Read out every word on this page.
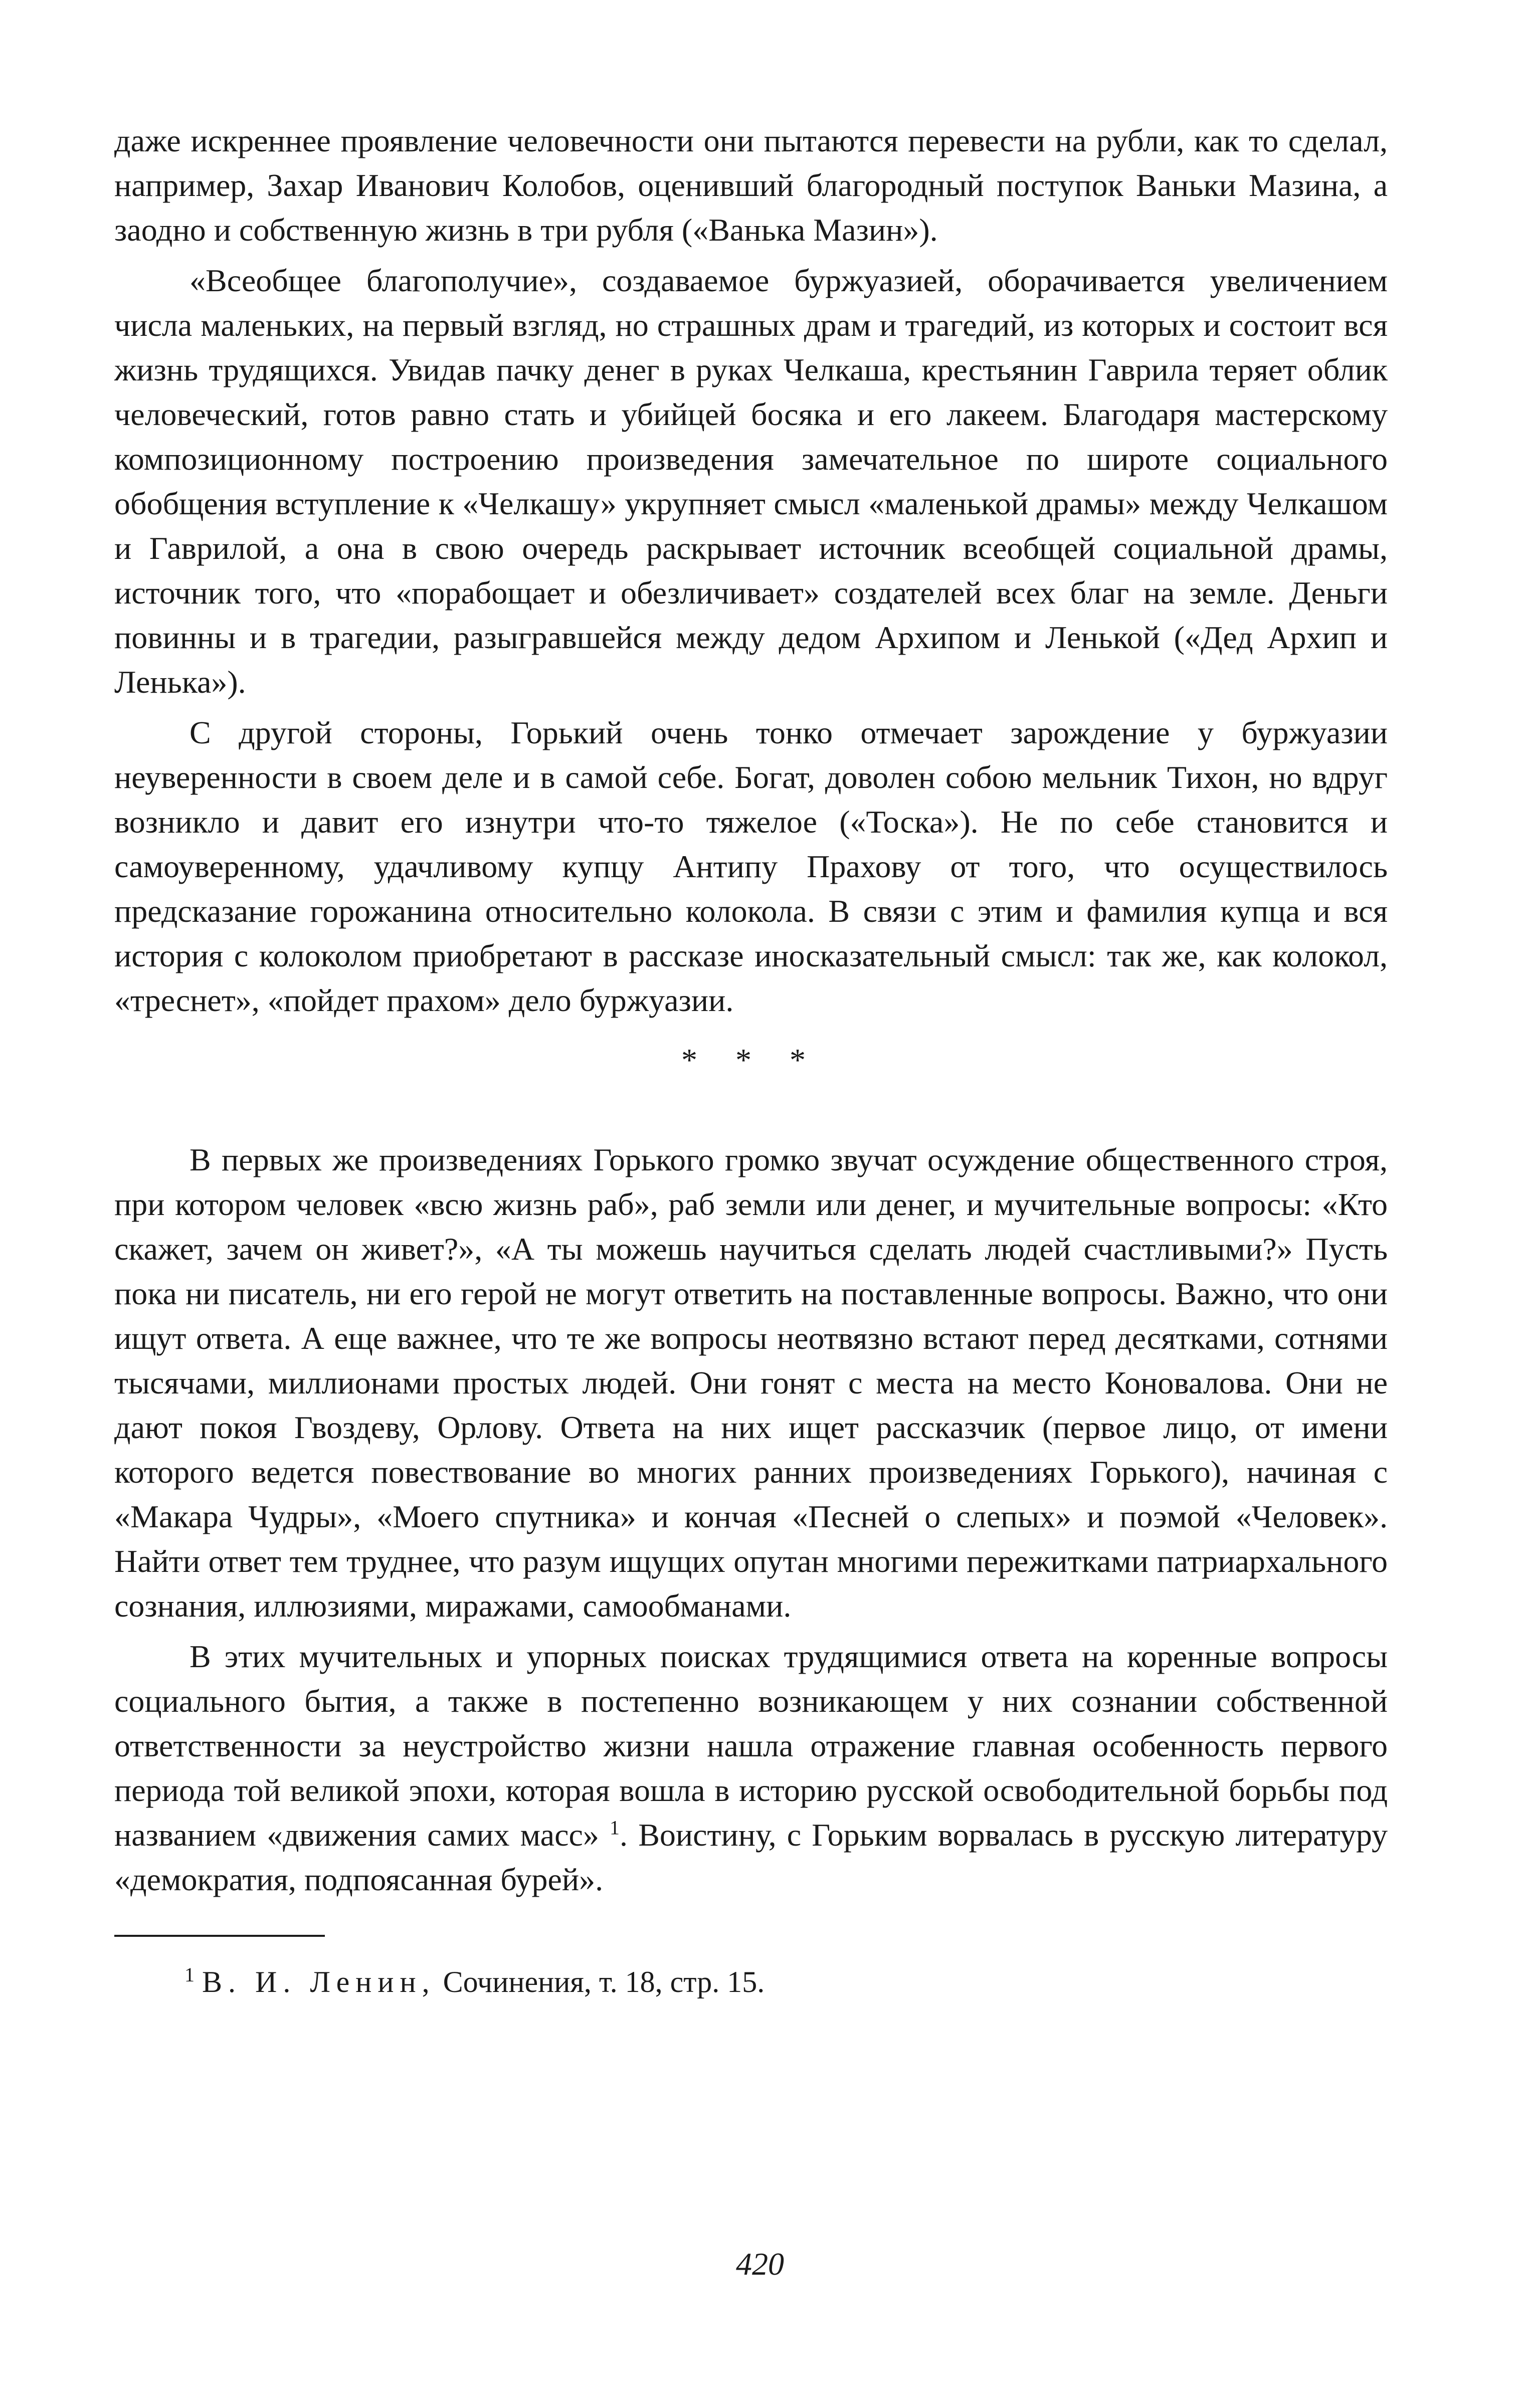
даже искреннее проявление человечности они пытаются перевести на рубли, как то сделал, например, Захар Иванович Колобов, оценивший благородный поступок Ваньки Мазина, а заодно и собственную жизнь в три рубля («Ванька Мазин»).

«Всеобщее благополучие», создаваемое буржуазией, оборачивается увеличением числа маленьких, на первый взгляд, но страшных драм и трагедий, из которых и состоит вся жизнь трудящихся. Увидав пачку денег в руках Челкаша, крестьянин Гаврила теряет облик человеческий, готов равно стать и убийцей босяка и его лакеем. Благодаря мастерскому композиционному построению произведения замечательное по широте социального обобщения вступление к «Челкашу» укрупняет смысл «маленькой драмы» между Челкашом и Гаврилой, а она в свою очередь раскрывает источник всеобщей социальной драмы, источник того, что «порабощает и обезличивает» создателей всех благ на земле. Деньги повинны и в трагедии, разыгравшейся между дедом Архипом и Ленькой («Дед Архип и Ленька»).

С другой стороны, Горький очень тонко отмечает зарождение у буржуазии неуверенности в своем деле и в самой себе. Богат, доволен собою мельник Тихон, но вдруг возникло и давит его изнутри что-то тяжелое («Тоска»). Не по себе становится и самоуверенному, удачливому купцу Антипу Прахову от того, что осуществилось предсказание горожанина относительно колокола. В связи с этим и фамилия купца и вся история с колоколом приобретают в рассказе иносказательный смысл: так же, как колокол, «треснет», «пойдет прахом» дело буржуазии.

* * *

В первых же произведениях Горького громко звучат осуждение общественного строя, при котором человек «всю жизнь раб», раб земли или денег, и мучительные вопросы: «Кто скажет, зачем он живет?», «А ты можешь научиться сделать людей счастливыми?» Пусть пока ни писатель, ни его герой не могут ответить на поставленные вопросы. Важно, что они ищут ответа. А еще важнее, что те же вопросы неотвязно встают перед десятками, сотнями тысячами, миллионами простых людей. Они гонят с места на место Коновалова. Они не дают покоя Гвоздеву, Орлову. Ответа на них ищет рассказчик (первое лицо, от имени которого ведется повествование во многих ранних произведениях Горького), начиная с «Макара Чудры», «Моего спутника» и кончая «Песней о слепых» и поэмой «Человек». Найти ответ тем труднее, что разум ищущих опутан многими пережитками патриархального сознания, иллюзиями, миражами, самообманами.

В этих мучительных и упорных поисках трудящимися ответа на коренные вопросы социального бытия, а также в постепенно возникающем у них сознании собственной ответственности за неустройство жизни нашла отражение главная особенность первого периода той великой эпохи, которая вошла в историю русской освободительной борьбы под названием «движения самих масс» $^1$. Воистину, с Горьким ворвалась в русскую литературу «демократия, подпоясанная бурей».

$^1$ В. И. Ленин, Сочинения, т. 18, стр. 15.
420
